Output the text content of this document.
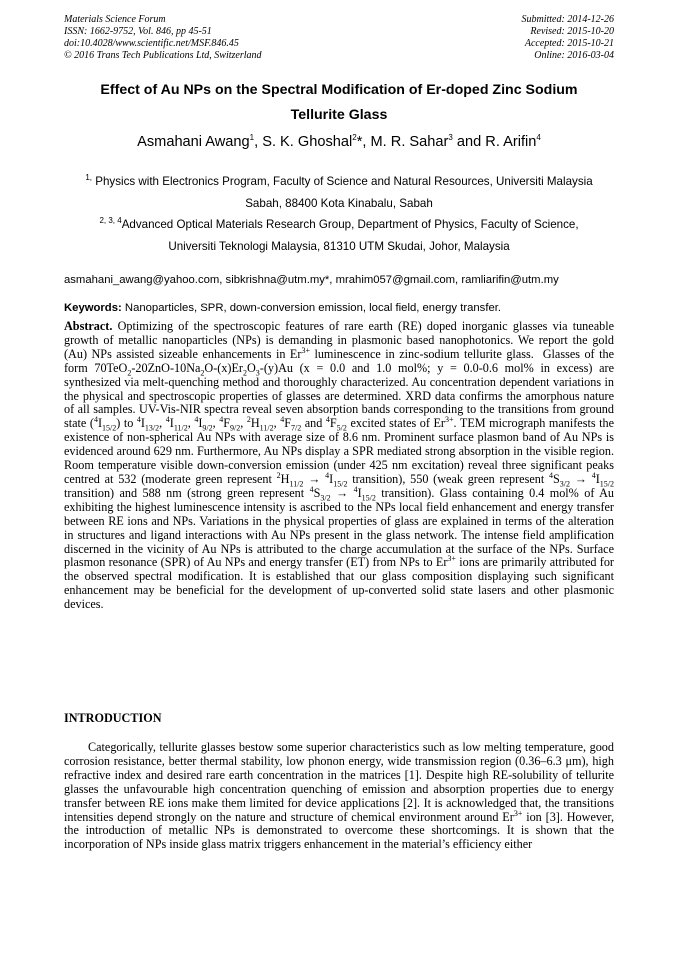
Materials Science Forum
ISSN: 1662-9752, Vol. 846, pp 45-51
doi:10.4028/www.scientific.net/MSF.846.45
© 2016 Trans Tech Publications Ltd, Switzerland
Submitted: 2014-12-26
Revised: 2015-10-20
Accepted: 2015-10-21
Online: 2016-03-04
Effect of Au NPs on the Spectral Modification of Er-doped Zinc Sodium
Tellurite Glass
Asmahani Awang$^1$, S. K. Ghoshal$^2$*, M. R. Sahar$^3$ and R. Arifin$^4$
$^{1,}$ Physics with Electronics Program, Faculty of Science and Natural Resources, Universiti Malaysia
Sabah, 88400 Kota Kinabalu, Sabah
$^{2, 3, 4}$Advanced Optical Materials Research Group, Department of Physics, Faculty of Science,
Universiti Teknologi Malaysia, 81310 UTM Skudai, Johor, Malaysia
asmahani_awang@yahoo.com, sibkrishna@utm.my*, mrahim057@gmail.com, ramliarifin@utm.my
Keywords: Nanoparticles, SPR, down-conversion emission, local field, energy transfer.
Abstract. Optimizing of the spectroscopic features of rare earth (RE) doped inorganic glasses via tuneable growth of metallic nanoparticles (NPs) is demanding in plasmonic based nanophotonics. We report the gold (Au) NPs assisted sizeable enhancements in $Er^{3+}$ luminescence in zinc-sodium tellurite glass.  Glasses of the form $70TeO_2-20ZnO-10Na_2O-(x)Er_2O_3-(y)Au$ (x = 0.0 and 1.0 mol%; y = 0.0-0.6 mol% in excess) are synthesized via melt-quenching method and thoroughly characterized. Au concentration dependent variations in the physical and spectroscopic properties of glasses are determined. XRD data confirms the amorphous nature of all samples. UV-Vis-NIR spectra reveal seven absorption bands corresponding to the transitions from ground state $(^4I_{15/2})$ to $^4I_{13/2}$, $^4I_{11/2}$, $^4I_{9/2}$, $^4F_{9/2}$, $^2H_{11/2}$, $^4F_{7/2}$ and $^4F_{5/2}$ excited states of $Er^{3+}$. TEM micrograph manifests the existence of non-spherical Au NPs with average size of 8.6 nm. Prominent surface plasmon band of Au NPs is evidenced around 629 nm. Furthermore, Au NPs display a SPR mediated strong absorption in the visible region. Room temperature visible down-conversion emission (under 425 nm excitation) reveal three significant peaks centred at 532 (moderate green represent $^2H_{11/2} \to ^4I_{15/2}$ transition), 550 (weak green represent $^4S_{3/2} \to ^4I_{15/2}$ transition) and 588 nm (strong green represent $^4S_{3/2} \to ^4I_{15/2}$ transition). Glass containing 0.4 mol% of Au exhibiting the highest luminescence intensity is ascribed to the NPs local field enhancement and energy transfer between RE ions and NPs. Variations in the physical properties of glass are explained in terms of the alteration in structures and ligand interactions with Au NPs present in the glass network. The intense field amplification discerned in the vicinity of Au NPs is attributed to the charge accumulation at the surface of the NPs. Surface plasmon resonance (SPR) of Au NPs and energy transfer (ET) from NPs to $Er^{3+}$ ions are primarily attributed for the observed spectral modification. It is established that our glass composition displaying such significant enhancement may be beneficial for the development of up-converted solid state lasers and other plasmonic devices.
INTRODUCTION
Categorically, tellurite glasses bestow some superior characteristics such as low melting temperature, good corrosion resistance, better thermal stability, low phonon energy, wide transmission region (0.36–6.3 μm), high refractive index and desired rare earth concentration in the matrices [1]. Despite high RE-solubility of tellurite glasses the unfavourable high concentration quenching of emission and absorption properties due to energy transfer between RE ions make them limited for device applications [2]. It is acknowledged that, the transitions intensities depend strongly on the nature and structure of chemical environment around $Er^{3+}$ ion [3]. However, the introduction of metallic NPs is demonstrated to overcome these shortcomings. It is shown that the incorporation of NPs inside glass matrix triggers enhancement in the material’s efficiency either
